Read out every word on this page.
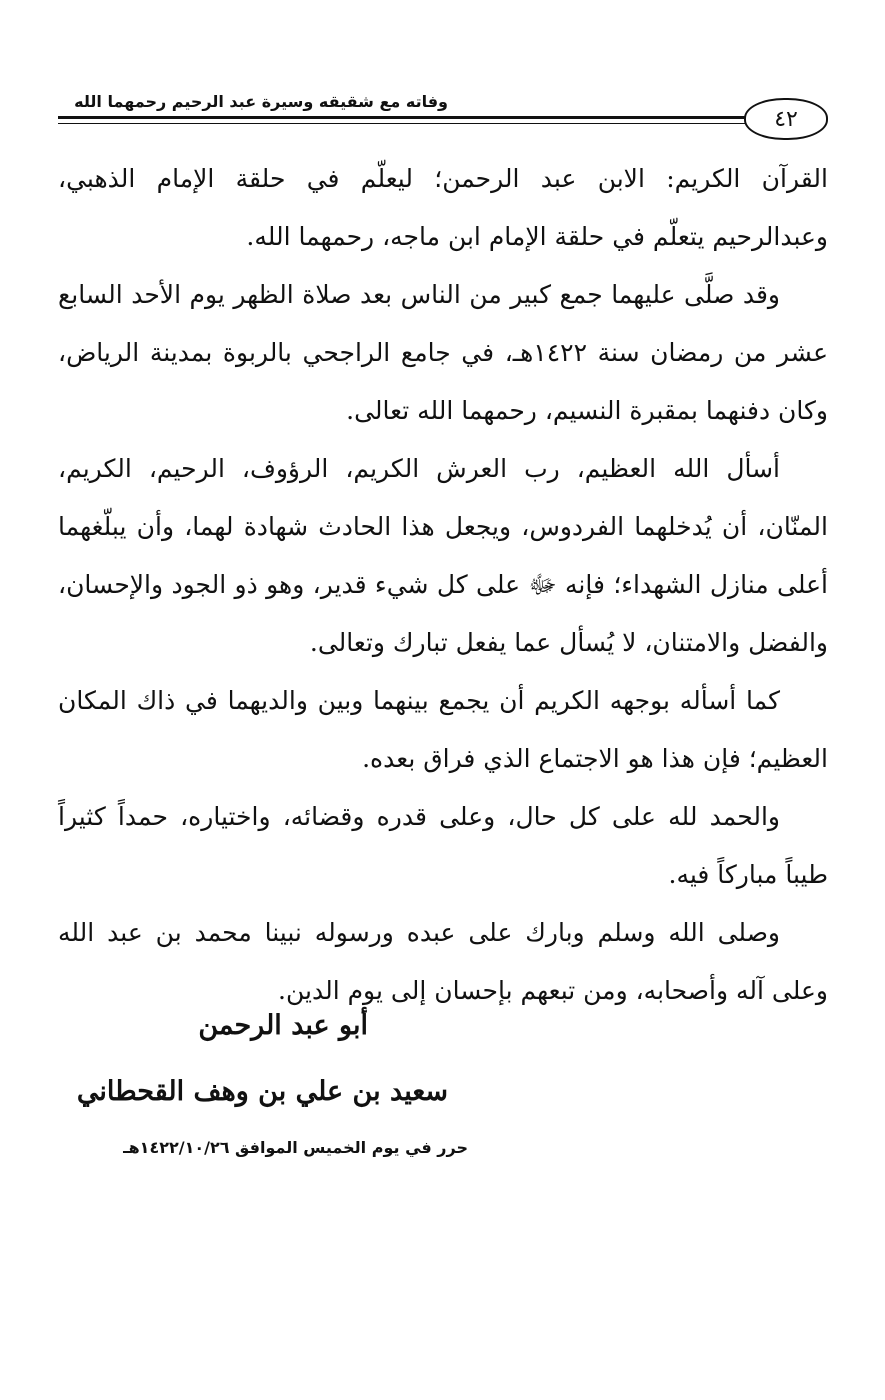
وفاته مع شقيقه وسيرة عبد الرحيم رحمهما الله
٤٢

القرآن الكريم: الابن عبد الرحمن؛ ليعلّم في حلقة الإمام الذهبي، وعبدالرحيم يتعلّم في حلقة الإمام ابن ماجه، رحمهما الله.

وقد صلَّى عليهما جمع كبير من الناس بعد صلاة الظهر يوم الأحد السابع عشر من رمضان سنة ١٤٢٢هـ، في جامع الراجحي بالربوة بمدينة الرياض، وكان دفنهما بمقبرة النسيم، رحمهما الله تعالى.

أسأل الله العظيم، رب العرش الكريم، الرؤوف، الرحيم، الكريم، المنّان، أن يُدخلهما الفردوس، ويجعل هذا الحادث شهادة لهما، وأن يبلّغهما أعلى منازل الشهداء؛ فإنه ﷻ على كل شيء قدير، وهو ذو الجود والإحسان، والفضل والامتنان، لا يُسأل عما يفعل تبارك وتعالى.

كما أسأله بوجهه الكريم أن يجمع بينهما وبين والديهما في ذاك المكان العظيم؛ فإن هذا هو الاجتماع الذي فراق بعده.

والحمد لله على كل حال، وعلى قدره وقضائه، واختياره، حمداً كثيراً طيباً مباركاً فيه.

وصلى الله وسلم وبارك على عبده ورسوله نبينا محمد بن عبد الله وعلى آله وأصحابه، ومن تبعهم بإحسان إلى يوم الدين.

أبو عبد الرحمن
سعيد بن علي بن وهف القحطاني
حرر في يوم الخميس الموافق ١٤٢٢/١٠/٢٦هـ
